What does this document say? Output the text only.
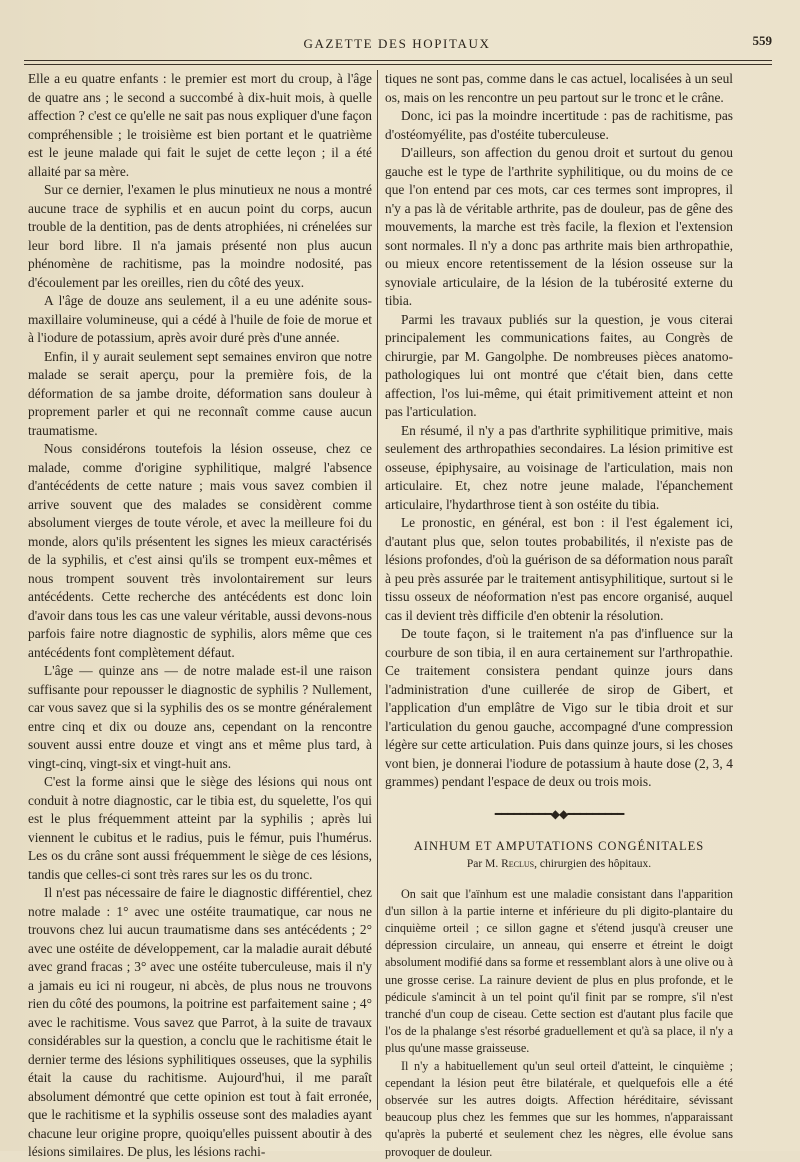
GAZETTE DES HOPITAUX	559

Elle a eu quatre enfants : le premier est mort du croup, à l'âge de quatre ans ; le second a succombé à dix-huit mois, à quelle affection ? c'est ce qu'elle ne sait pas nous expliquer d'une façon compréhensible ; le troisième est bien portant et le quatrième est le jeune malade qui fait le sujet de cette leçon ; il a été allaité par sa mère.

Sur ce dernier, l'examen le plus minutieux ne nous a montré aucune trace de syphilis et en aucun point du corps, aucun trouble de la dentition, pas de dents atrophiées, ni crénelées sur leur bord libre. Il n'a jamais présenté non plus aucun phénomène de rachitisme, pas la moindre nodosité, pas d'écoulement par les oreilles, rien du côté des yeux.

A l'âge de douze ans seulement, il a eu une adénite sous-maxillaire volumineuse, qui a cédé à l'huile de foie de morue et à l'iodure de potassium, après avoir duré près d'une année.

Enfin, il y aurait seulement sept semaines environ que notre malade se serait aperçu, pour la première fois, de la déformation de sa jambe droite, déformation sans douleur à proprement parler et qui ne reconnaît comme cause aucun traumatisme.

Nous considérons toutefois la lésion osseuse, chez ce malade, comme d'origine syphilitique, malgré l'absence d'antécédents de cette nature ; mais vous savez combien il arrive souvent que des malades se considèrent comme absolument vierges de toute vérole, et avec la meilleure foi du monde, alors qu'ils présentent les signes les mieux caractérisés de la syphilis, et c'est ainsi qu'ils se trompent eux-mêmes et nous trompent souvent très involontairement sur leurs antécédents. Cette recherche des antécédents est donc loin d'avoir dans tous les cas une valeur véritable, aussi devons-nous parfois faire notre diagnostic de syphilis, alors même que ces antécédents font complètement défaut.

L'âge — quinze ans — de notre malade est-il une raison suffisante pour repousser le diagnostic de syphilis ? Nullement, car vous savez que si la syphilis des os se montre généralement entre cinq et dix ou douze ans, cependant on la rencontre souvent aussi entre douze et vingt ans et même plus tard, à vingt-cinq, vingt-six et vingt-huit ans.

C'est la forme ainsi que le siège des lésions qui nous ont conduit à notre diagnostic, car le tibia est, du squelette, l'os qui est le plus fréquemment atteint par la syphilis ; après lui viennent le cubitus et le radius, puis le fémur, puis l'humérus. Les os du crâne sont aussi fréquemment le siège de ces lésions, tandis que celles-ci sont très rares sur les os du tronc.

Il n'est pas nécessaire de faire le diagnostic différentiel, chez notre malade : 1° avec une ostéite traumatique, car nous ne trouvons chez lui aucun traumatisme dans ses antécédents ; 2° avec une ostéite de développement, car la maladie aurait débuté avec grand fracas ; 3° avec une ostéite tuberculeuse, mais il n'y a jamais eu ici ni rougeur, ni abcès, de plus nous ne trouvons rien du côté des poumons, la poitrine est parfaitement saine ; 4° avec le rachitisme. Vous savez que Parrot, à la suite de travaux considérables sur la question, a conclu que le rachitisme était le dernier terme des lésions syphilitiques osseuses, que la syphilis était la cause du rachitisme. Aujourd'hui, il me paraît absolument démontré que cette opinion est tout à fait erronée, que le rachitisme et la syphilis osseuse sont des maladies ayant chacune leur origine propre, quoiqu'elles puissent aboutir à des lésions similaires. De plus, les lésions rachi-

tiques ne sont pas, comme dans le cas actuel, localisées à un seul os, mais on les rencontre un peu partout sur le tronc et le crâne.

Donc, ici pas la moindre incertitude : pas de rachitisme, pas d'ostéomyélite, pas d'ostéite tuberculeuse.

D'ailleurs, son affection du genou droit et surtout du genou gauche est le type de l'arthrite syphilitique, ou du moins de ce que l'on entend par ces mots, car ces termes sont impropres, il n'y a pas là de véritable arthrite, pas de douleur, pas de gêne des mouvements, la marche est très facile, la flexion et l'extension sont normales. Il n'y a donc pas arthrite mais bien arthropathie, ou mieux encore retentissement de la lésion osseuse sur la synoviale articulaire, de la lésion de la tubérosité externe du tibia.

Parmi les travaux publiés sur la question, je vous citerai principalement les communications faites, au Congrès de chirurgie, par M. Gangolphe. De nombreuses pièces anatomo-pathologiques lui ont montré que c'était bien, dans cette affection, l'os lui-même, qui était primitivement atteint et non pas l'articulation.

En résumé, il n'y a pas d'arthrite syphilitique primitive, mais seulement des arthropathies secondaires. La lésion primitive est osseuse, épiphysaire, au voisinage de l'articulation, mais non articulaire. Et, chez notre jeune malade, l'épanchement articulaire, l'hydarthrose tient à son ostéite du tibia.

Le pronostic, en général, est bon : il l'est également ici, d'autant plus que, selon toutes probabilités, il n'existe pas de lésions profondes, d'où la guérison de sa déformation nous paraît à peu près assurée par le traitement antisyphilitique, surtout si le tissu osseux de néoformation n'est pas encore organisé, auquel cas il devient très difficile d'en obtenir la résolution.

De toute façon, si le traitement n'a pas d'influence sur la courbure de son tibia, il en aura certainement sur l'arthropathie. Ce traitement consistera pendant quinze jours dans l'administration d'une cuillerée de sirop de Gibert, et l'application d'un emplâtre de Vigo sur le tibia droit et sur l'articulation du genou gauche, accompagné d'une compression légère sur cette articulation. Puis dans quinze jours, si les choses vont bien, je donnerai l'iodure de potassium à haute dose (2, 3, 4 grammes) pendant l'espace de deux ou trois mois.

━━━━━━━━━◆◆━━━━━━━━━
AINHUM ET AMPUTATIONS CONGÉNITALES
Par M. Reclus, chirurgien des hôpitaux.

On sait que l'aïnhum est une maladie consistant dans l'apparition d'un sillon à la partie interne et inférieure du pli digito-plantaire du cinquième orteil ; ce sillon gagne et s'étend jusqu'à creuser une dépression circulaire, un anneau, qui enserre et étreint le doigt absolument modifié dans sa forme et ressemblant alors à une olive ou à une grosse cerise. La rainure devient de plus en plus profonde, et le pédicule s'amincit à un tel point qu'il finit par se rompre, s'il n'est tranché d'un coup de ciseau. Cette section est d'autant plus facile que l'os de la phalange s'est résorbé graduellement et qu'à sa place, il n'y a plus qu'une masse graisseuse.

Il n'y a habituellement qu'un seul orteil d'atteint, le cinquième ; cependant la lésion peut être bilatérale, et quelquefois elle a été observée sur les autres doigts. Affection héréditaire, sévissant beaucoup plus chez les femmes que sur les hommes, n'apparaissant qu'après la puberté et seulement chez les nègres, elle évolue sans provoquer de douleur.
